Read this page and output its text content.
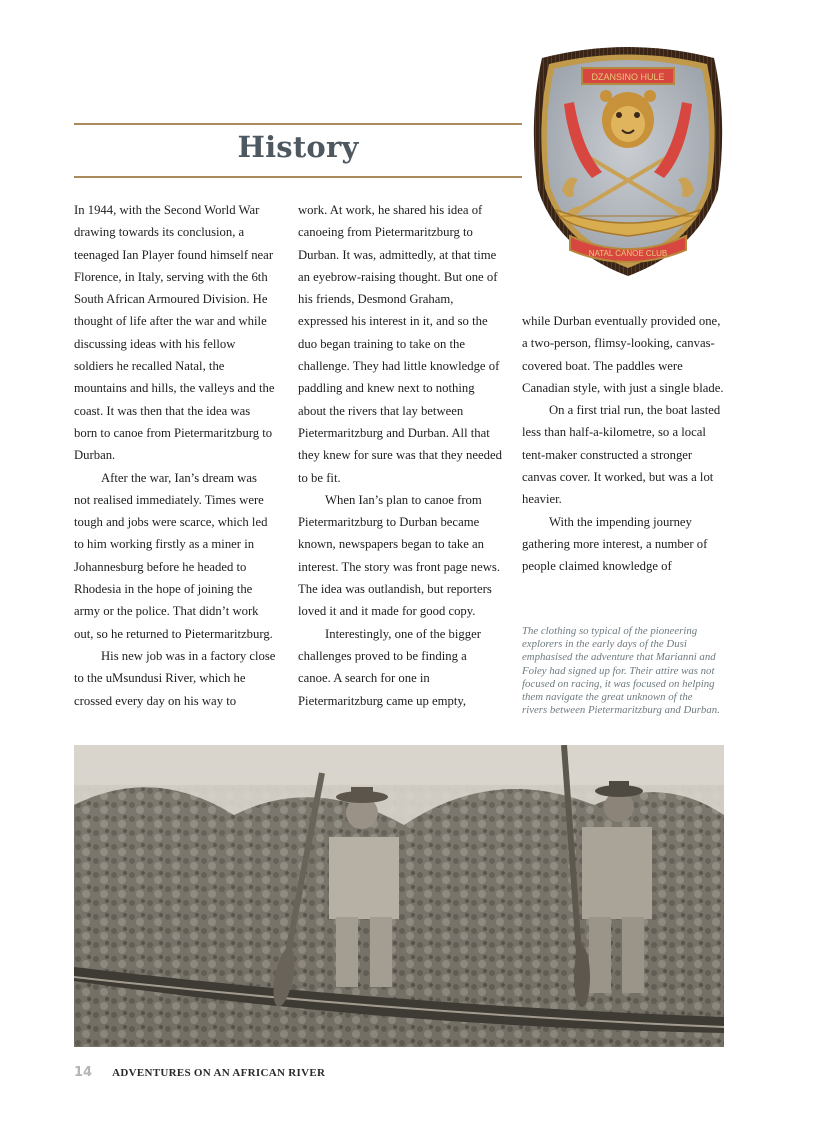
History
DZANSINO HULE
NATAL CANOE CLUB

In 1944, with the Second World War drawing towards its conclusion, a teenaged Ian Player found himself near Florence, in Italy, serving with the 6th South African Armoured Division. He thought of life after the war and while discussing ideas with his fellow soldiers he recalled Natal, the mountains and hills, the valleys and the coast. It was then that the idea was born to canoe from Pietermaritzburg to Durban.

After the war, Ian’s dream was not realised immediately. Times were tough and jobs were scarce, which led to him working firstly as a miner in Johannesburg before he headed to Rhodesia in the hope of joining the army or the police. That didn’t work out, so he returned to Pietermaritzburg.

His new job was in a factory close to the uMsundusi River, which he crossed every day on his way to

work. At work, he shared his idea of canoeing from Pietermaritzburg to Durban. It was, admittedly, at that time an eyebrow-raising thought. But one of his friends, Desmond Graham, expressed his interest in it, and so the duo began training to take on the challenge. They had little knowledge of paddling and knew next to nothing about the rivers that lay between Pietermaritzburg and Durban. All that they knew for sure was that they needed to be fit.

When Ian’s plan to canoe from Pietermaritzburg to Durban became known, newspapers began to take an interest. The story was front page news. The idea was outlandish, but reporters loved it and it made for good copy.

Interestingly, one of the bigger challenges proved to be finding a canoe. A search for one in Pietermaritzburg came up empty,

while Durban eventually provided one, a two-person, flimsy-looking, canvas-covered boat. The paddles were Canadian style, with just a single blade.

On a first trial run, the boat lasted less than half-a-kilometre, so a local tent-maker constructed a stronger canvas cover. It worked, but was a lot heavier.

With the impending journey gathering more interest, a number of people claimed knowledge of

The clothing so typical of the pioneering explorers in the early days of the Dusi emphasised the adventure that Marianni and Foley had signed up for. Their attire was not focused on racing, it was focused on helping them navigate the great unknown of the rivers between Pietermaritzburg and Durban.
14 ADVENTURES ON AN AFRICAN RIVER
